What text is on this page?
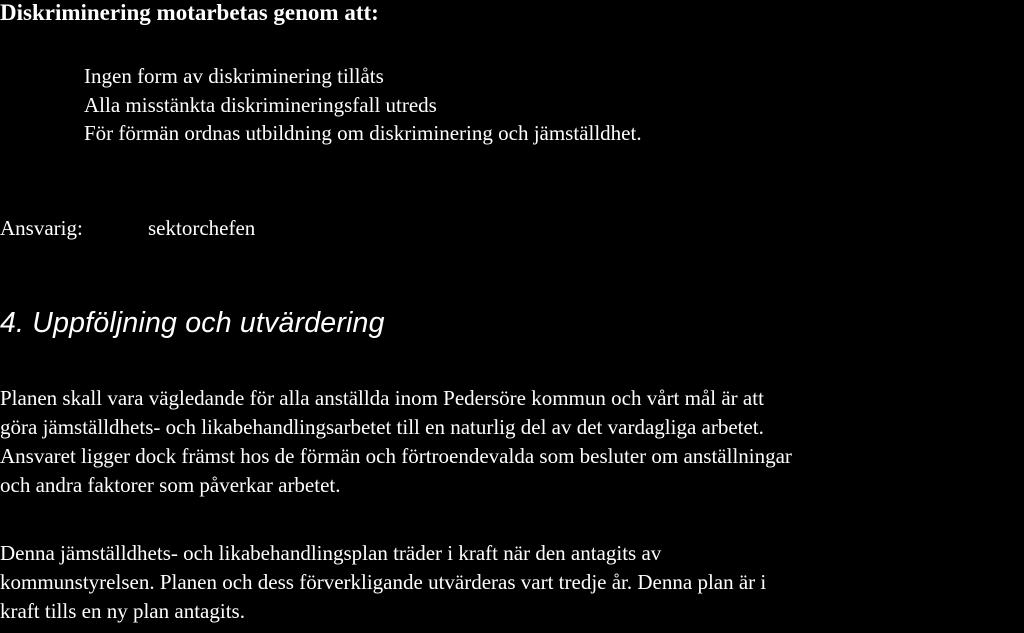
Diskriminering motarbetas genom att:
Ingen form av diskriminering tillåts
Alla misstänkta diskrimineringsfall utreds
För förmän ordnas utbildning om diskriminering och jämställdhet.
Ansvarig:	sektorchefen
4. Uppföljning och utvärdering
Planen skall vara vägledande för alla anställda inom Pedersöre kommun och vårt mål är att
göra jämställdhets- och likabehandlingsarbetet till en naturlig del av det vardagliga arbetet.
Ansvaret ligger dock främst hos de förmän och förtroendevalda som besluter om anställningar
och andra faktorer som påverkar arbetet.
Denna jämställdhets- och likabehandlingsplan träder i kraft när den antagits av
kommunstyrelsen. Planen och dess förverkligande utvärderas vart tredje år. Denna plan är i
kraft tills en ny plan antagits.
